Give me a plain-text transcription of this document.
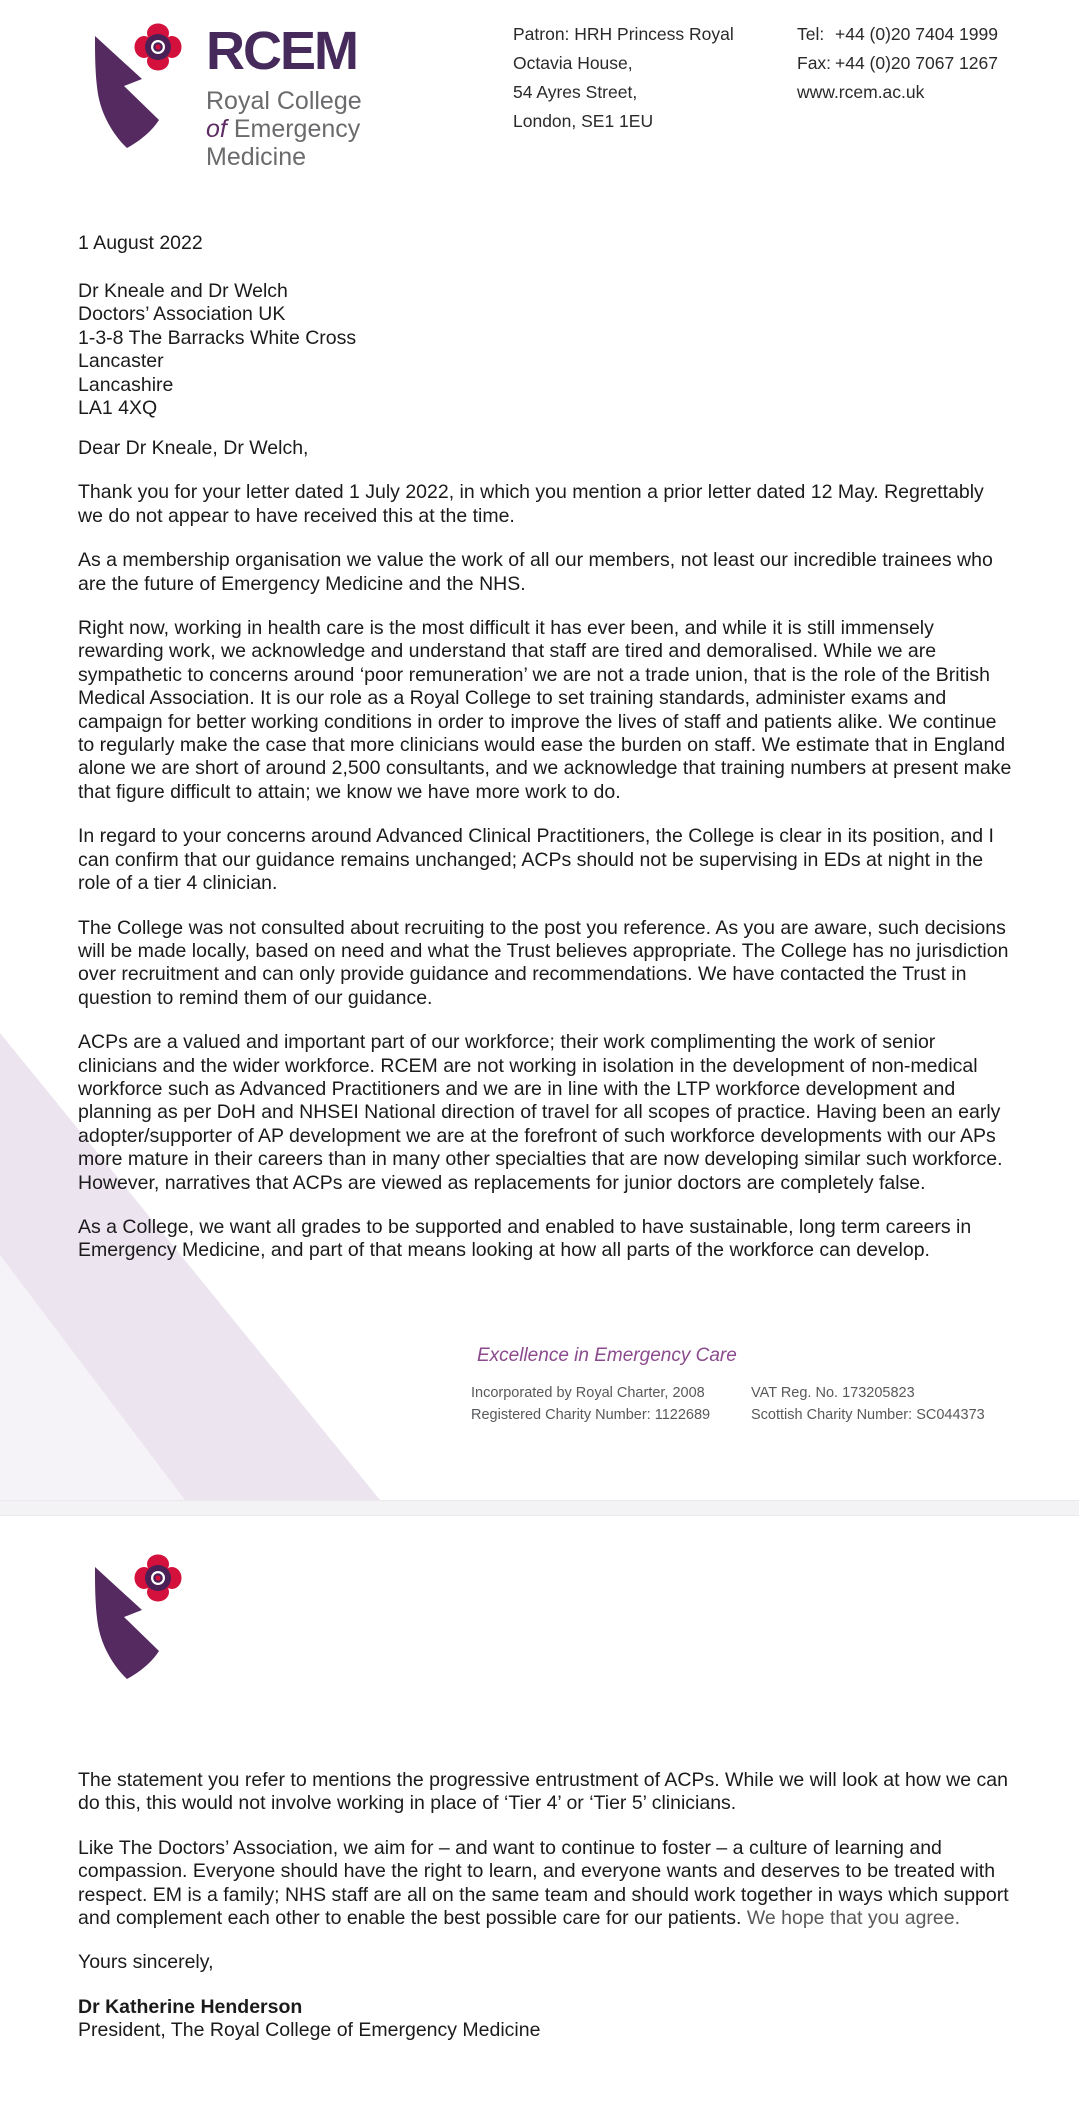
RCEM
Royal College
of Emergency
Medicine
Patron: HRH Princess Royal
Octavia House,
54 Ayres Street,
London, SE1 1EU
Tel: +44 (0)20 7404 1999
Fax: +44 (0)20 7067 1267
www.rcem.ac.uk
1 August 2022
Dr Kneale and Dr Welch
Doctors’ Association UK
1-3-8 The Barracks White Cross
Lancaster
Lancashire
LA1 4XQ

Dear Dr Kneale, Dr Welch,

Thank you for your letter dated 1 July 2022, in which you mention a prior letter dated 12 May. Regrettably we do not appear to have received this at the time.

As a membership organisation we value the work of all our members, not least our incredible trainees who are the future of Emergency Medicine and the NHS.

Right now, working in health care is the most difficult it has ever been, and while it is still immensely rewarding work, we acknowledge and understand that staff are tired and demoralised. While we are sympathetic to concerns around ‘poor remuneration’ we are not a trade union, that is the role of the British Medical Association. It is our role as a Royal College to set training standards, administer exams and campaign for better working conditions in order to improve the lives of staff and patients alike. We continue to regularly make the case that more clinicians would ease the burden on staff. We estimate that in England alone we are short of around 2,500 consultants, and we acknowledge that training numbers at present make that figure difficult to attain; we know we have more work to do.

In regard to your concerns around Advanced Clinical Practitioners, the College is clear in its position, and I can confirm that our guidance remains unchanged; ACPs should not be supervising in EDs at night in the role of a tier 4 clinician.

The College was not consulted about recruiting to the post you reference. As you are aware, such decisions will be made locally, based on need and what the Trust believes appropriate. The College has no jurisdiction over recruitment and can only provide guidance and recommendations. We have contacted the Trust in question to remind them of our guidance.

ACPs are a valued and important part of our workforce; their work complimenting the work of senior clinicians and the wider workforce. RCEM are not working in isolation in the development of non-medical workforce such as Advanced Practitioners and we are in line with the LTP workforce development and planning as per DoH and NHSEI National direction of travel for all scopes of practice. Having been an early adopter/supporter of AP development we are at the forefront of such workforce developments with our APs more mature in their careers than in many other specialties that are now developing similar such workforce. However, narratives that ACPs are viewed as replacements for junior doctors are completely false.

As a College, we want all grades to be supported and enabled to have sustainable, long term careers in Emergency Medicine, and part of that means looking at how all parts of the workforce can develop.

Excellence in Emergency Care
Incorporated by Royal Charter, 2008
Registered Charity Number: 1122689
VAT Reg. No. 173205823
Scottish Charity Number: SC044373

The statement you refer to mentions the progressive entrustment of ACPs. While we will look at how we can do this, this would not involve working in place of ‘Tier 4’ or ‘Tier 5’ clinicians.

Like The Doctors’ Association, we aim for – and want to continue to foster – a culture of learning and compassion. Everyone should have the right to learn, and everyone wants and deserves to be treated with respect. EM is a family; NHS staff are all on the same team and should work together in ways which support and complement each other to enable the best possible care for our patients. We hope that you agree.

Yours sincerely,

Dr Katherine Henderson

President, The Royal College of Emergency Medicine
